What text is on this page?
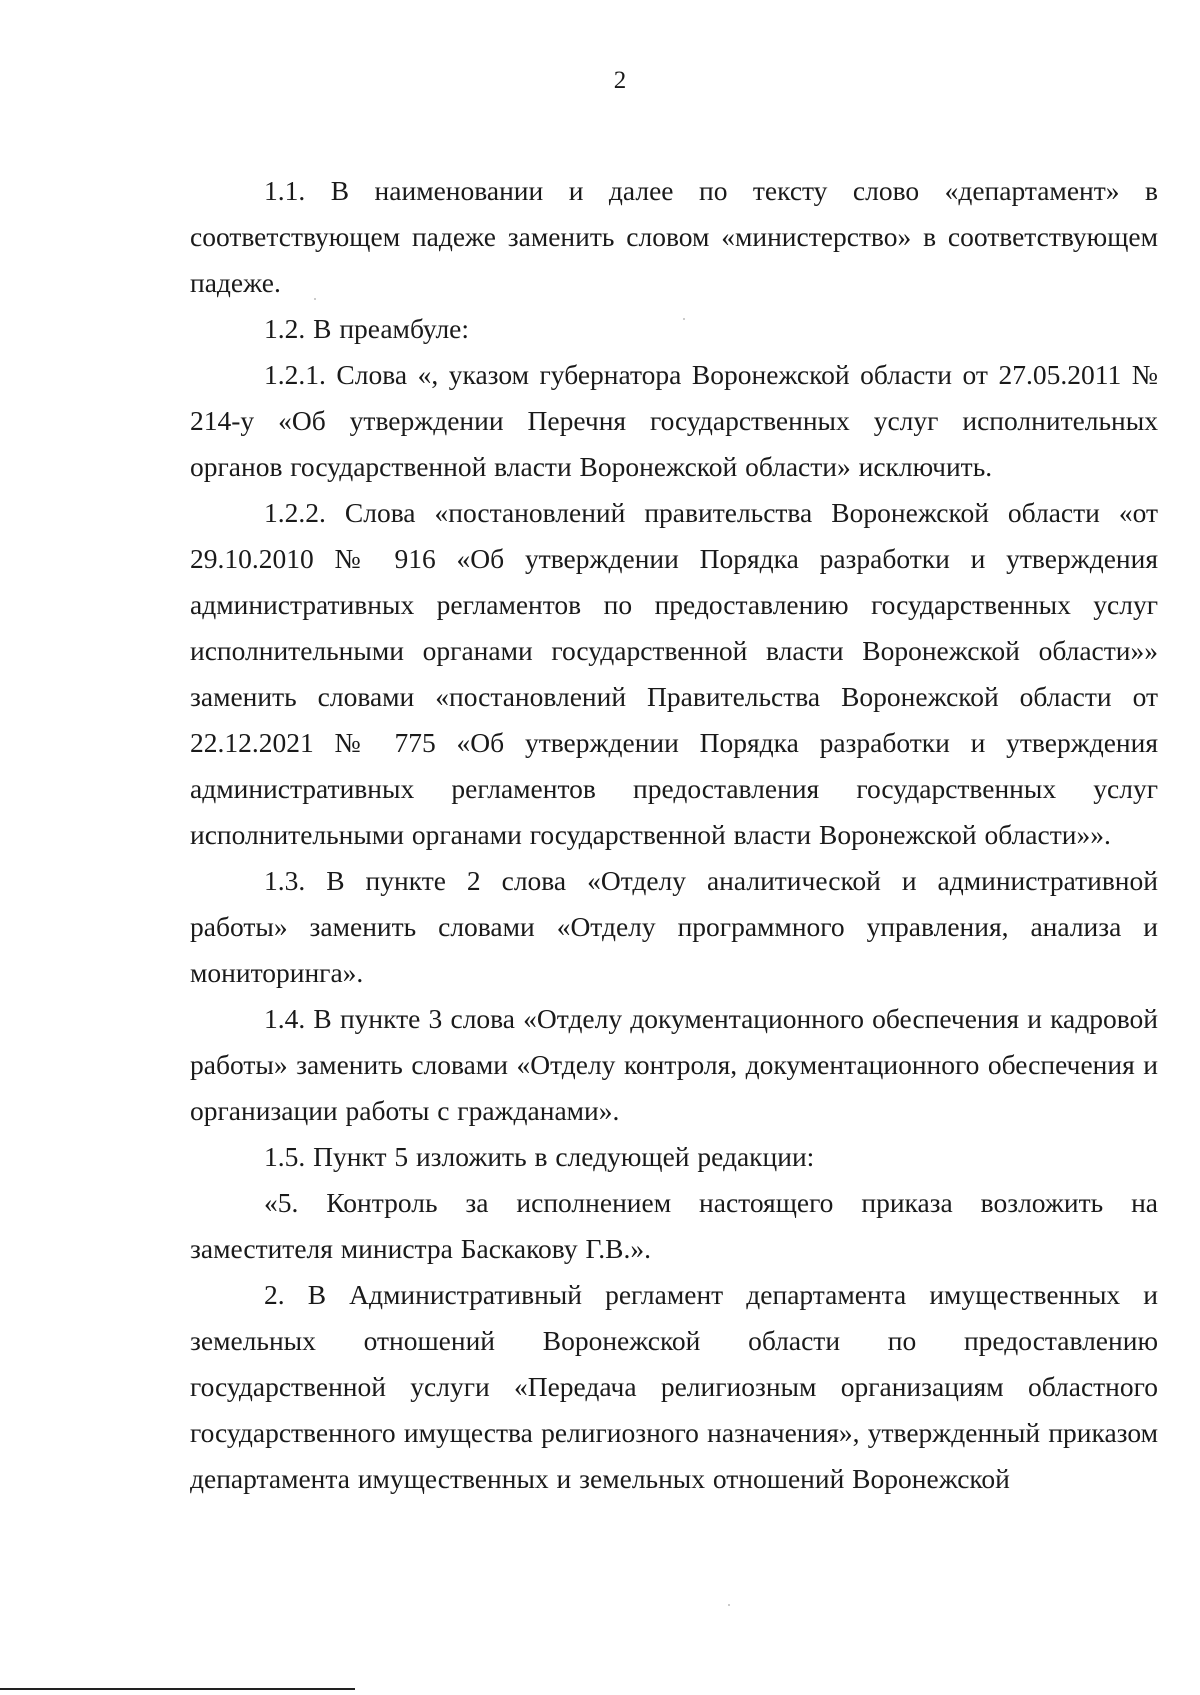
2

1.1. В наименовании и далее по тексту слово «департамент» в соответствующем падеже заменить словом «министерство» в соответствующем падеже.

1.2. В преамбуле:

1.2.1. Слова «, указом губернатора Воронежской области от 27.05.2011 № 214-у «Об утверждении Перечня государственных услуг исполнительных органов государственной власти Воронежской области» исключить.

1.2.2. Слова «постановлений правительства Воронежской области «от 29.10.2010 № 916 «Об утверждении Порядка разработки и утверждения административных регламентов по предоставлению государственных услуг исполнительными органами государственной власти Воронежской области»» заменить словами «постановлений Правительства Воронежской области от 22.12.2021 № 775 «Об утверждении Порядка разработки и утверждения административных регламентов предоставления государственных услуг исполнительными органами государственной власти Воронежской области»».

1.3. В пункте 2 слова «Отделу аналитической и административной работы» заменить словами «Отделу программного управления, анализа и мониторинга».

1.4. В пункте 3 слова «Отделу документационного обеспечения и кадровой работы» заменить словами «Отделу контроля, документационного обеспечения и организации работы с гражданами».

1.5. Пункт 5 изложить в следующей редакции:

«5. Контроль за исполнением настоящего приказа возложить на заместителя министра Баскакову Г.В.».

2. В Административный регламент департамента имущественных и земельных отношений Воронежской области по предоставлению государственной услуги «Передача религиозным организациям областного государственного имущества религиозного назначения», утвержденный приказом департамента имущественных и земельных отношений Воронежской
